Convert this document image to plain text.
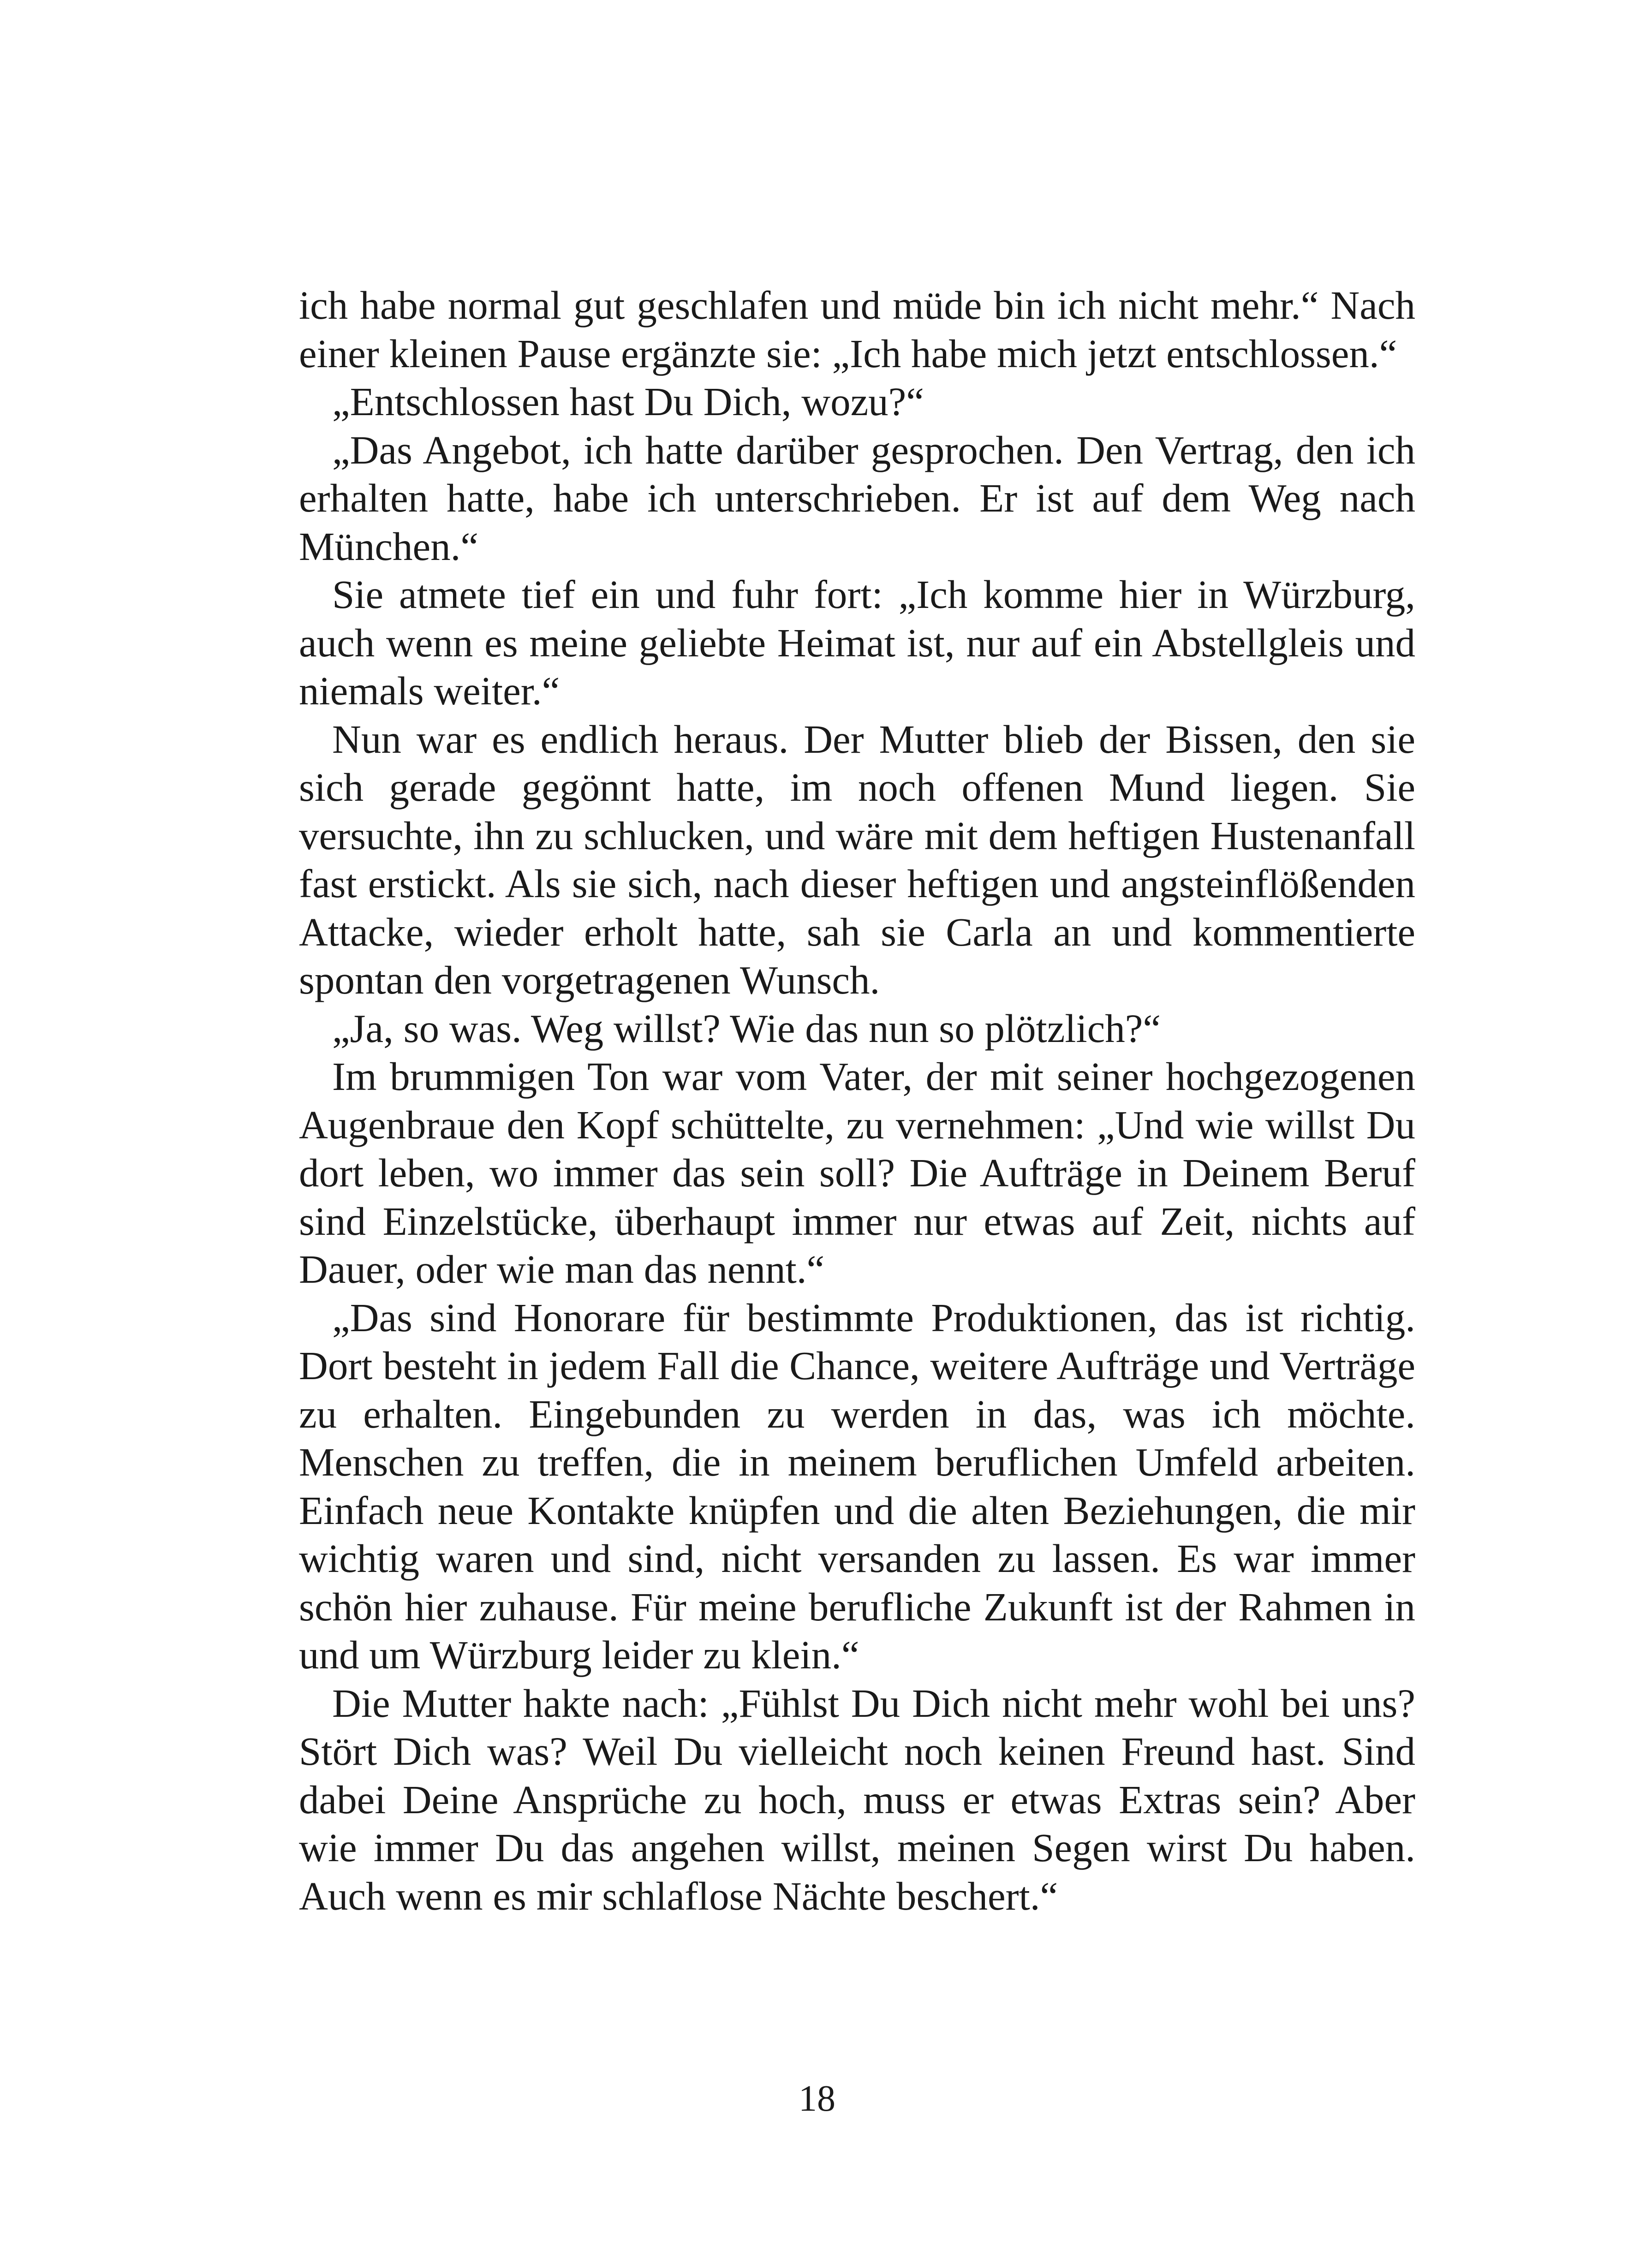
ich habe normal gut geschlafen und müde bin ich nicht mehr.“ Nach einer kleinen Pause ergänzte sie: „Ich habe mich jetzt entschlossen.“

„Entschlossen hast Du Dich, wozu?“

„Das Angebot, ich hatte darüber gesprochen. Den Vertrag, den ich erhalten hatte, habe ich unterschrieben. Er ist auf dem Weg nach München.“

Sie atmete tief ein und fuhr fort: „Ich komme hier in Würzburg, auch wenn es meine geliebte Heimat ist, nur auf ein Abstellgleis und niemals weiter.“

Nun war es endlich heraus. Der Mutter blieb der Bissen, den sie sich gerade gegönnt hatte, im noch offenen Mund liegen. Sie versuchte, ihn zu schlucken, und wäre mit dem heftigen Hustenanfall fast erstickt. Als sie sich, nach dieser heftigen und angsteinflößenden Attacke, wieder erholt hatte, sah sie Carla an und kommentierte spontan den vorgetragenen Wunsch.

„Ja, so was. Weg willst? Wie das nun so plötzlich?“

Im brummigen Ton war vom Vater, der mit seiner hochgezogenen Augenbraue den Kopf schüttelte, zu vernehmen: „Und wie willst Du dort leben, wo immer das sein soll? Die Aufträge in Deinem Beruf sind Einzelstücke, überhaupt immer nur etwas auf Zeit, nichts auf Dauer, oder wie man das nennt.“

„Das sind Honorare für bestimmte Produktionen, das ist richtig. Dort besteht in jedem Fall die Chance, weitere Aufträge und Verträge zu erhalten. Eingebunden zu werden in das, was ich möchte. Menschen zu treffen, die in meinem beruflichen Umfeld arbeiten. Einfach neue Kontakte knüpfen und die alten Beziehungen, die mir wichtig waren und sind, nicht versanden zu lassen. Es war immer schön hier zuhause. Für meine berufliche Zukunft ist der Rahmen in und um Würzburg leider zu klein.“

Die Mutter hakte nach: „Fühlst Du Dich nicht mehr wohl bei uns? Stört Dich was? Weil Du vielleicht noch keinen Freund hast. Sind dabei Deine Ansprüche zu hoch, muss er etwas Extras sein? Aber wie immer Du das angehen willst, meinen Segen wirst Du haben. Auch wenn es mir schlaflose Nächte beschert.“

18
